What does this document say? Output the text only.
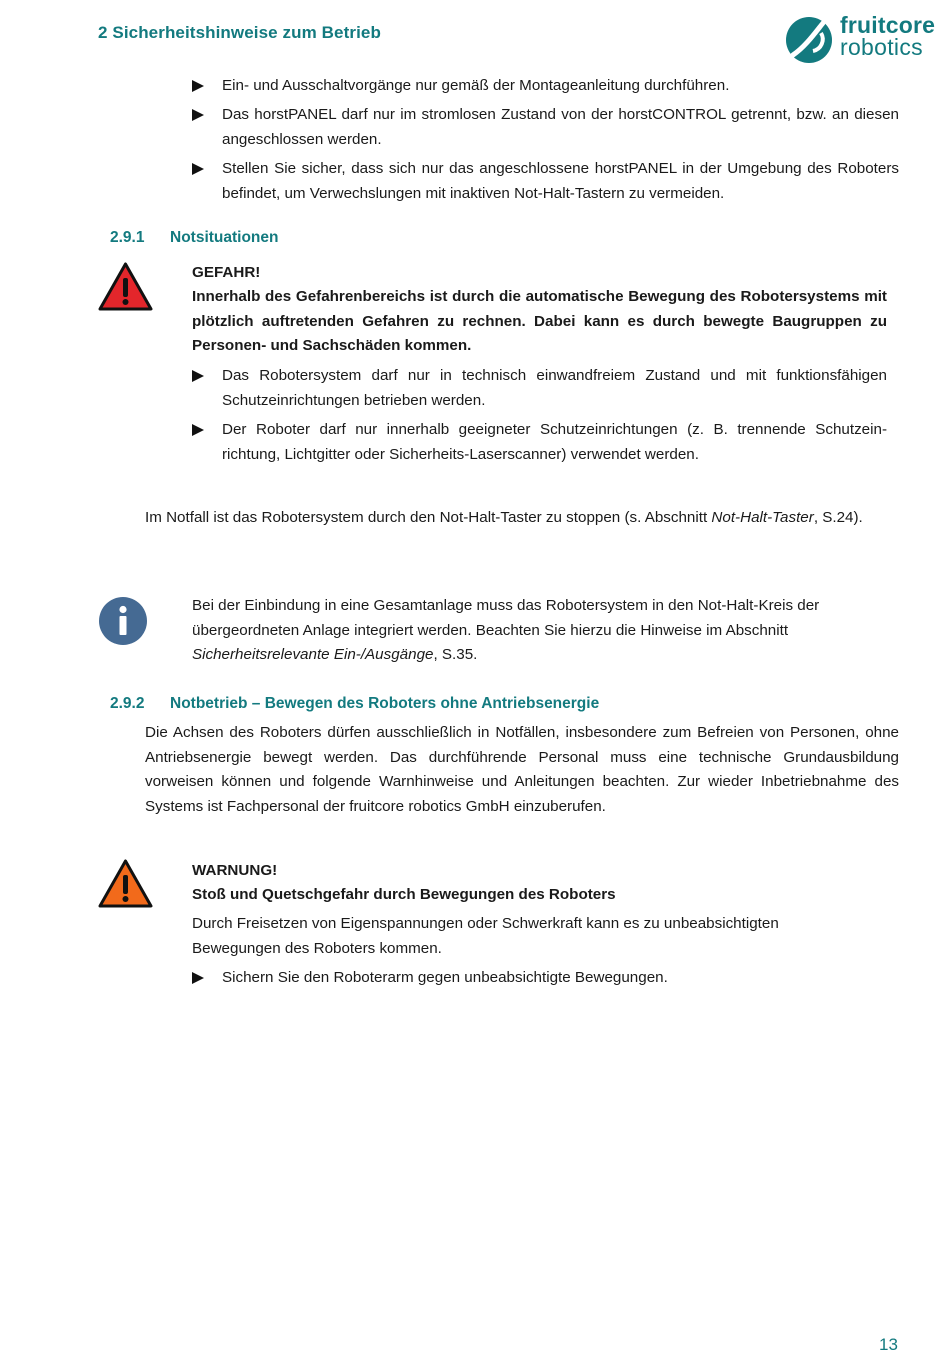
2 Sicherheitshinweise zum Betrieb	fruitcore
robotics
Ein- und Ausschaltvorgänge nur gemäß der Montageanleitung durchführen.
Das horstPANEL darf nur im stromlosen Zustand von der horstCONTROL getrennt, bzw. an diesen angeschlossen werden.
Stellen Sie sicher, dass sich nur das angeschlossene horstPANEL in der Umgebung des Roboters befindet, um Verwechslungen mit inaktiven Not-Halt-Tastern zu vermeiden.
2.9.1 Notsituationen
GEFAHR!
Innerhalb des Gefahrenbereichs ist durch die automatische Bewegung des Robotersystems mit plötzlich auftretenden Gefahren zu rechnen. Dabei kann es durch bewegte Baugruppen zu Personen- und Sachschäden kommen.
Das Robotersystem darf nur in technisch einwandfreiem Zustand und mit funktionsfähigen Schutzeinrichtungen betrieben werden.
Der Roboter darf nur innerhalb geeigneter Schutzeinrichtungen (z. B. trennende Schutzeinrichtung, Lichtgitter oder Sicherheits-Laserscanner) verwendet werden.
Im Notfall ist das Robotersystem durch den Not-Halt-Taster zu stoppen (s. Abschnitt Not-Halt-Taster, S.24).
Bei der Einbindung in eine Gesamtanlage muss das Robotersystem in den Not-Halt-Kreis der übergeordneten Anlage integriert werden. Beachten Sie hierzu die Hinweise im Abschnitt Sicherheitsrelevante Ein-/Ausgänge, S.35.
2.9.2 Notbetrieb – Bewegen des Roboters ohne Antriebsenergie
Die Achsen des Roboters dürfen ausschließlich in Notfällen, insbesondere zum Befreien von Personen, ohne Antriebsenergie bewegt werden. Das durchführende Personal muss eine technische Grundausbildung vorweisen können und folgende Warnhinweise und Anleitungen beachten. Zur wieder Inbetriebnahme des Systems ist Fachpersonal der fruitcore robotics GmbH einzuberufen.
WARNUNG!
Stoß und Quetschgefahr durch Bewegungen des Roboters
Durch Freisetzen von Eigenspannungen oder Schwerkraft kann es zu unbeabsichtigten Bewegungen des Roboters kommen.
Sichern Sie den Roboterarm gegen unbeabsichtigte Bewegungen.
13
